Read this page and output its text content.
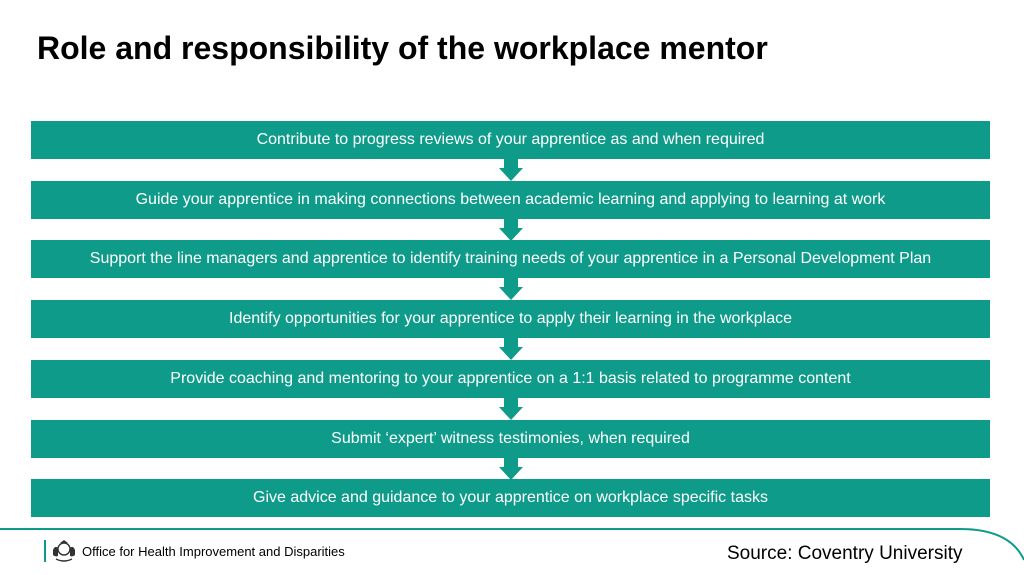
Role and responsibility of the workplace mentor
Contribute to progress reviews of your apprentice as and when required
Guide your apprentice in making connections between academic learning and applying to learning at work
Support the line managers and apprentice to identify training needs of your apprentice in a Personal Development Plan
Identify opportunities for your apprentice to apply their learning in the workplace
Provide coaching and mentoring to your apprentice on a 1:1 basis related to programme content
Submit ‘expert’ witness testimonies, when required
Give advice and guidance to your apprentice on workplace specific tasks
Office for Health Improvement and Disparities	Source: Coventry University
